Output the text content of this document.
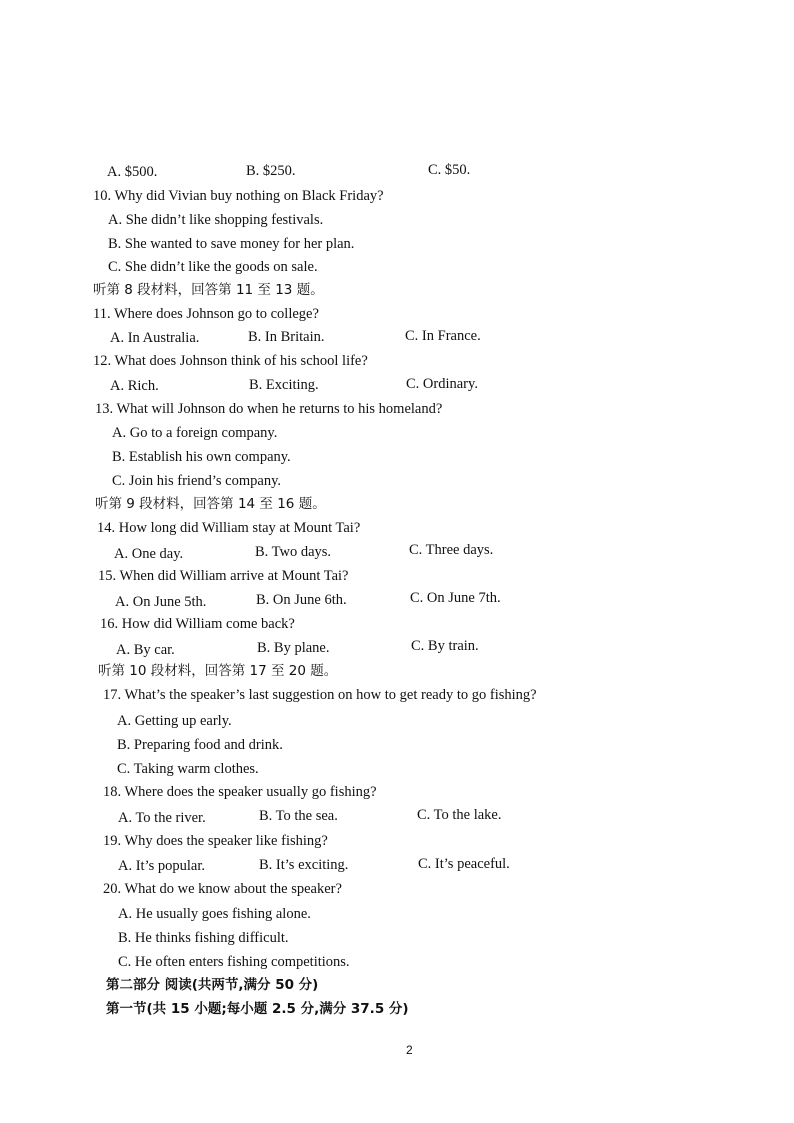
A. $500.	B. $250.	C. $50.
10. Why did Vivian buy nothing on Black Friday?
A. She didn’t like shopping festivals.
B. She wanted to save money for her plan.
C. She didn’t like the goods on sale.
听第 8 段材料，回答第 11 至 13 题。
11. Where does Johnson go to college?
A. In Australia.	B. In Britain.	C. In France.
12. What does Johnson think of his school life?
A. Rich.	B. Exciting.	C. Ordinary.
13. What will Johnson do when he returns to his homeland?
A. Go to a foreign company.
B. Establish his own company.
C. Join his friend’s company.
听第 9 段材料，回答第 14 至 16 题。
14. How long did William stay at Mount Tai?
A. One day.	B. Two days.	C. Three days.
15. When did William arrive at Mount Tai?
A. On June 5th.	B. On June 6th.	C. On June 7th.
16. How did William come back?
A. By car.	B. By plane.	C. By train.
听第 10 段材料，回答第 17 至 20 题。
17. What’s the speaker’s last suggestion on how to get ready to go fishing?
A. Getting up early.
B. Preparing food and drink.
C. Taking warm clothes.
18. Where does the speaker usually go fishing?
A. To the river.	B. To the sea.	C. To the lake.
19. Why does the speaker like fishing?
A. It’s popular.	B. It’s exciting.	C. It’s peaceful.
20. What do we know about the speaker?
A. He usually goes fishing alone.
B. He thinks fishing difficult.
C. He often enters fishing competitions.
第二部分 阅读(共两节,满分 50 分)
第一节(共 15 小题;每小题 2.5 分,满分 37.5 分)
2
